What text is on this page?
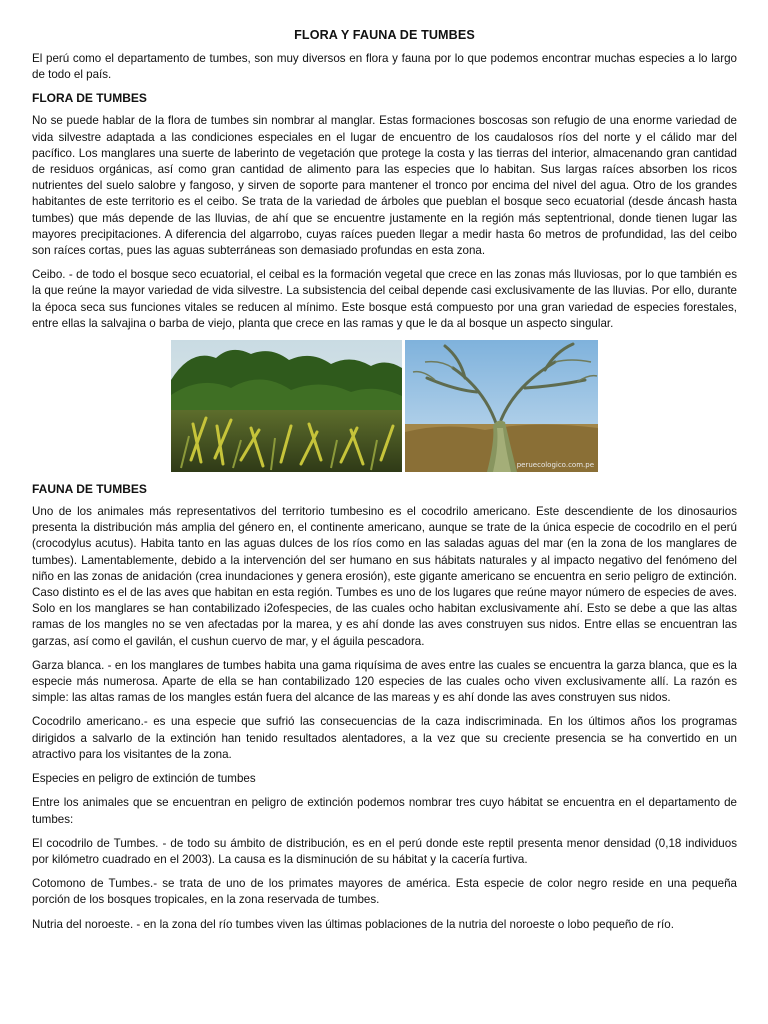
FLORA Y FAUNA DE TUMBES

El perú como el departamento de tumbes, son muy diversos en flora y fauna por lo que podemos encontrar muchas especies a lo largo de todo el país.

FLORA DE TUMBES

No se puede hablar de la flora de tumbes sin nombrar al manglar. Estas formaciones boscosas son refugio de una enorme variedad de vida silvestre adaptada a las condiciones especiales en el lugar de encuentro de los caudalosos ríos del norte y el cálido mar del pacífico. Los manglares una suerte de laberinto de vegetación que protege la costa y las tierras del interior, almacenando gran cantidad de residuos orgánicas, así como gran cantidad de alimento para las especies que lo habitan. Sus largas raíces absorben los ricos nutrientes del suelo salobre y fangoso, y sirven de soporte para mantener el tronco por encima del nivel del agua. Otro de los grandes habitantes de este territorio es el ceibo. Se trata de la variedad de árboles que pueblan el bosque seco ecuatorial (desde áncash hasta tumbes) que más depende de las lluvias, de ahí que se encuentre justamente en la región más septentrional, donde tienen lugar las mayores precipitaciones. A diferencia del algarrobo, cuyas raíces pueden llegar a medir hasta 6o metros de profundidad, las del ceibo son raíces cortas, pues las aguas subterráneas son demasiado profundas en esta zona.

Ceibo. - de todo el bosque seco ecuatorial, el ceibal es la formación vegetal que crece en las zonas más lluviosas, por lo que también es la que reúne la mayor variedad de vida silvestre. La subsistencia del ceibal depende casi exclusivamente de las lluvias. Por ello, durante la época seca sus funciones vitales se reducen al mínimo. Este bosque está compuesto por una gran variedad de especies forestales, entre ellas la salvajina o barba de viejo, planta que crece en las ramas y que le da al bosque un aspecto singular.

peruecologico.com.pe
FAUNA DE TUMBES

Uno de los animales más representativos del territorio tumbesino es el cocodrilo americano. Este descendiente de los dinosaurios presenta la distribución más amplia del género en, el continente americano, aunque se trate de la única especie de cocodrilo en el perú (crocodylus acutus). Habita tanto en las aguas dulces de los ríos como en las saladas aguas del mar (en la zona de los manglares de tumbes). Lamentablemente, debido a la intervención del ser humano en sus hábitats naturales y al impacto negativo del fenómeno del niño en las zonas de anidación (crea inundaciones y genera erosión), este gigante americano se encuentra en serio peligro de extinción. Caso distinto es el de las aves que habitan en esta región. Tumbes es uno de los lugares que reúne mayor número de especies de aves. Solo en los manglares se han contabilizado i2ofespecies, de las cuales ocho habitan exclusivamente ahí. Esto se debe a que las altas ramas de los mangles no se ven afectadas por la marea, y es ahí donde las aves construyen sus nidos. Entre ellas se encuentran las garzas, así como el gavilán, el cushun cuervo de mar, y el águila pescadora.

Garza blanca. - en los manglares de tumbes habita una gama riquísima de aves entre las cuales se encuentra la garza blanca, que es la especie más numerosa. Aparte de ella se han contabilizado 120 especies de las cuales ocho viven exclusivamente allí. La razón es simple: las altas ramas de los mangles están fuera del alcance de las mareas y es ahí donde las aves construyen sus nidos.

Cocodrilo americano.- es una especie que sufrió las consecuencias de la caza indiscriminada. En los últimos años los programas dirigidos a salvarlo de la extinción han tenido resultados alentadores, a la vez que su creciente presencia se ha convertido en un atractivo para los visitantes de la zona.

Especies en peligro de extinción de tumbes

Entre los animales que se encuentran en peligro de extinción podemos nombrar tres cuyo hábitat se encuentra en el departamento de tumbes:

El cocodrilo de Tumbes. - de todo su ámbito de distribución, es en el perú donde este reptil presenta menor densidad (0,18 individuos por kilómetro cuadrado en el 2003). La causa es la disminución de su hábitat y la cacería furtiva.

Cotomono de Tumbes.- se trata de uno de los primates mayores de américa. Esta especie de color negro reside en una pequeña porción de los bosques tropicales, en la zona reservada de tumbes.

Nutria del noroeste. - en la zona del río tumbes viven las últimas poblaciones de la nutria del noroeste o lobo pequeño de río.
